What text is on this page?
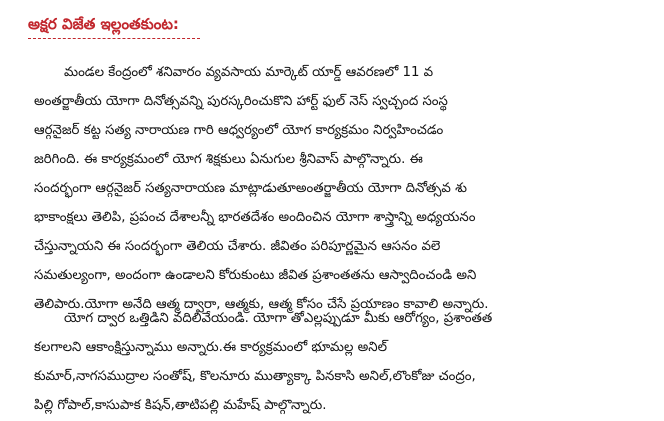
అక్షర విజేత ఇల్లంతకుంట:
మండల కేంద్రంలో శనివారం వ్యవసాయ మార్కెట్ యార్డ్ ఆవరణలో 11 వ
అంతర్జాతీయ యోగా దినోత్సవన్ని పురస్కరించుకొని హార్ట్ ఫుల్ నెస్ స్వచ్చంద సంస్థ
ఆర్గనైజర్ కట్ట సత్య నారాయణ గారి ఆధ్వర్యంలో యోగ కార్యక్రమం నిర్వహించడం
జరిగింది. ఈ కార్యక్రమంలో యోగ శిక్షకులు ఏనుగుల శ్రీనివాస్ పాల్గొన్నారు. ఈ
సందర్భంగా ఆర్గనైజర్ సత్యనారాయణ మాట్లాడుతూఅంతర్జాతీయ యోగా దినోత్సవ శు
భాకాంక్షలు తెలిపి, ప్రపంచ దేశాలన్నీ భారతదేశం అందించిన యోగా శాస్త్రాన్ని అధ్యయనం
చేస్తున్నాయని ఈ సందర్భంగా తెలియ చేశారు. జీవితం పరిపూర్ణమైన ఆసనం వలె
సమతుల్యంగా, అందంగా ఉండాలని కోరుకుంటు జీవిత ప్రశాంతతను ఆస్వాదించండి అని
తెలిపారు.యోగా అనేది ఆత్మ ద్వారా, ఆత్మకు, ఆత్మ కోసం చేసే ప్రయాణం కావాలి అన్నారు.
యోగ ద్వార ఒత్తిడిని వదిలివేయండి. యోగా తోఎల్లప్పుడూ మీకు ఆరోగ్యం, ప్రశాంతత
కలగాలని ఆకాంక్షిస్తున్నాము అన్నారు.ఈ కార్యక్రమంలో భూమల్ల అనిల్
కుమార్,నాగసముద్రాల సంతోష్, కొలనూరు ముత్యాక్కా పినకాసి అనిల్,లొంకోజు చంద్రం,
పిల్లి గోపాల్,కాసుపాక కిషన్,తాటిపల్లి మహేష్ పాల్గొన్నారు.
